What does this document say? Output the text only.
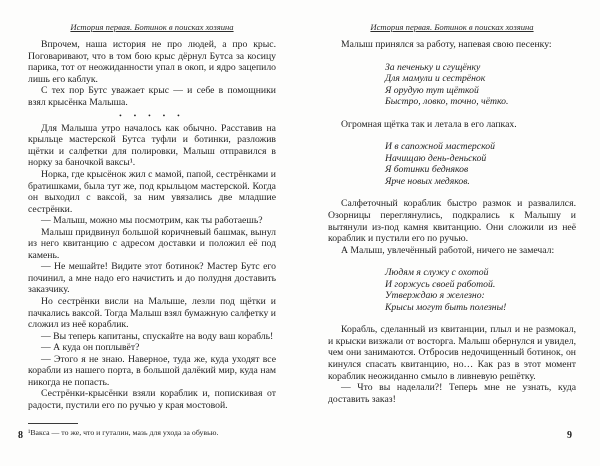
История первая. Ботинок в поисках хозяина

Впрочем, наша история не про людей, а про крыс. Поговаривают, что в том бою крыс дёрнул Бутса за косицу парика, тот от неожиданности упал в окоп, и ядро зацепило лишь его каблук.

С тех пор Бутс уважает крыс — и себе в помощники взял крысёнка Малыша.

• • • • •

Для Малыша утро началось как обычно. Расставив на крыльце мастерской Бутса туфли и ботинки, разложив щётки и салфетки для полировки, Малыш отправился в норку за баночкой ваксы¹.

Норка, где крысёнок жил с мамой, папой, сестрёнками и братишками, была тут же, под крыльцом мастерской. Когда он выходил с ваксой, за ним увязались две младшие сестрёнки.

— Малыш, можно мы посмотрим, как ты работаешь?

Малыш придвинул большой коричневый башмак, вынул из него квитанцию с адресом доставки и положил её под камень.

— Не мешайте! Видите этот ботинок? Мастер Бутс его починил, а мне надо его начистить и до полудня доставить заказчику.

Но сестрёнки висли на Малыше, лезли под щётки и пачкались ваксой. Тогда Малыш взял бумажную салфетку и сложил из неё кораблик.

— Вы теперь капитаны, спускайте на воду ваш корабль!

— А куда он поплывёт?

— Этого я не знаю. Наверное, туда же, куда уходят все корабли из нашего порта, в большой далёкий мир, куда нам никогда не попасть.

Сестрёнки-крысёнки взяли кораблик и, попискивая от радости, пустили его по ручью у края мостовой.

¹Вакса — то же, что и гуталин, мазь для ухода за обувью.
История первая. Ботинок в поисках хозяина

Малыш принялся за работу, напевая свою песенку:

За печеньку и сгущёнку
Для мамули и сестрёнок
Я орудую тут щёткой
Быстро, ловко, точно, чётко.

Огромная щётка так и летала в его лапках.

И в сапожной мастерской
Начищаю день-деньской
Я ботинки бедняков
Ярче новых медяков.

Салфеточный кораблик быстро размок и развалился. Озорницы переглянулись, подкрались к Малышу и вытянули из-под камня квитанцию. Они сложили из неё кораблик и пустили его по ручью.

А Малыш, увлечённый работой, ничего не замечал:

Людям я служу с охотой
И горжусь своей работой.
Утверждаю я железно:
Крысы могут быть полезны!

Корабль, сделанный из квитанции, плыл и не размокал, и крыски визжали от восторга. Малыш обернулся и увидел, чем они занимаются. Отбросив недочищенный ботинок, он кинулся спасать квитанцию, но… Как раз в этот момент кораблик неожиданно смыло в ливневую решётку.

— Что вы наделали?! Теперь мне не узнать, куда доставить заказ!

8	9
